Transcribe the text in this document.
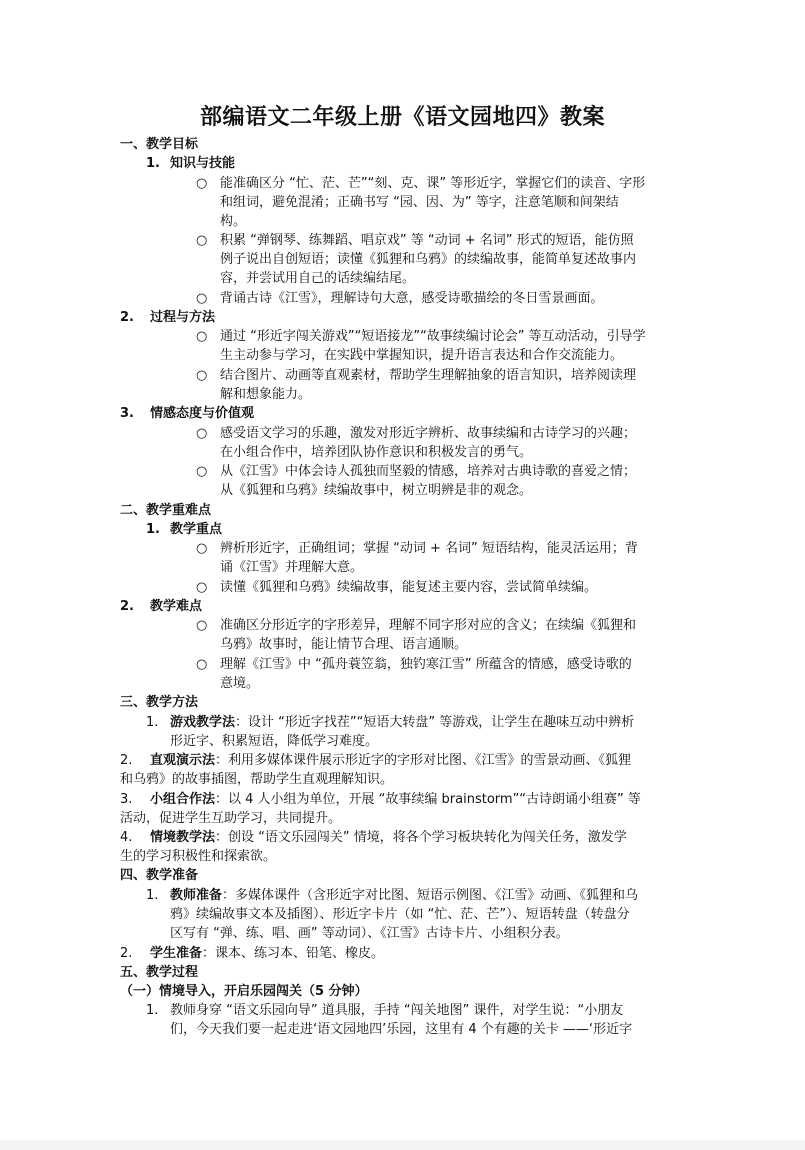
部编语文二年级上册《语文园地四》教案
一、教学目标
1. 知识与技能
○ 能准确区分 “忙、茫、芒”“刻、克、课” 等形近字，掌握它们的读音、字形
和组词，避免混淆；正确书写 “园、因、为” 等字，注意笔顺和间架结
构。
○ 积累 “弹钢琴、练舞蹈、唱京戏” 等 “动词 + 名词” 形式的短语，能仿照
例子说出自创短语；读懂《狐狸和乌鸦》的续编故事，能简单复述故事内
容，并尝试用自己的话续编结尾。
○ 背诵古诗《江雪》，理解诗句大意，感受诗歌描绘的冬日雪景画面。
2. 过程与方法
○ 通过 “形近字闯关游戏”“短语接龙”“故事续编讨论会” 等互动活动，引导学
生主动参与学习，在实践中掌握知识，提升语言表达和合作交流能力。
○ 结合图片、动画等直观素材，帮助学生理解抽象的语言知识，培养阅读理
解和想象能力。
3. 情感态度与价值观
○ 感受语文学习的乐趣，激发对形近字辨析、故事续编和古诗学习的兴趣；
在小组合作中，培养团队协作意识和积极发言的勇气。
○ 从《江雪》中体会诗人孤独而坚毅的情感，培养对古典诗歌的喜爱之情；
从《狐狸和乌鸦》续编故事中，树立明辨是非的观念。
二、教学重难点
1. 教学重点
○ 辨析形近字，正确组词；掌握 “动词 + 名词” 短语结构，能灵活运用；背
诵《江雪》并理解大意。
○ 读懂《狐狸和乌鸦》续编故事，能复述主要内容，尝试简单续编。
2. 教学难点
○ 准确区分形近字的字形差异，理解不同字形对应的含义；在续编《狐狸和
乌鸦》故事时，能让情节合理、语言通顺。
○ 理解《江雪》中 “孤舟蓑笠翁，独钓寒江雪” 所蕴含的情感，感受诗歌的
意境。
三、教学方法
1. 游戏教学法：设计 “形近字找茬”“短语大转盘” 等游戏，让学生在趣味互动中辨析
形近字、积累短语，降低学习难度。
2. 直观演示法：利用多媒体课件展示形近字的字形对比图、《江雪》的雪景动画、《狐狸
和乌鸦》的故事插图，帮助学生直观理解知识。
3. 小组合作法：以 4 人小组为单位，开展 “故事续编 brainstorm”“古诗朗诵小组赛” 等
活动，促进学生互助学习，共同提升。
4. 情境教学法：创设 “语文乐园闯关” 情境，将各个学习板块转化为闯关任务，激发学
生的学习积极性和探索欲。
四、教学准备
1. 教师准备：多媒体课件（含形近字对比图、短语示例图、《江雪》动画、《狐狸和乌
鸦》续编故事文本及插图）、形近字卡片（如 “忙、茫、芒”）、短语转盘（转盘分
区写有 “弹、练、唱、画” 等动词）、《江雪》古诗卡片、小组积分表。
2. 学生准备：课本、练习本、铅笔、橡皮。
五、教学过程
（一）情境导入，开启乐园闯关（5 分钟）
1. 教师身穿 “语文乐园向导” 道具服，手持 “闯关地图” 课件，对学生说：“小朋友
们，今天我们要一起走进‘语文园地四’乐园，这里有 4 个有趣的关卡 ——‘形近字
